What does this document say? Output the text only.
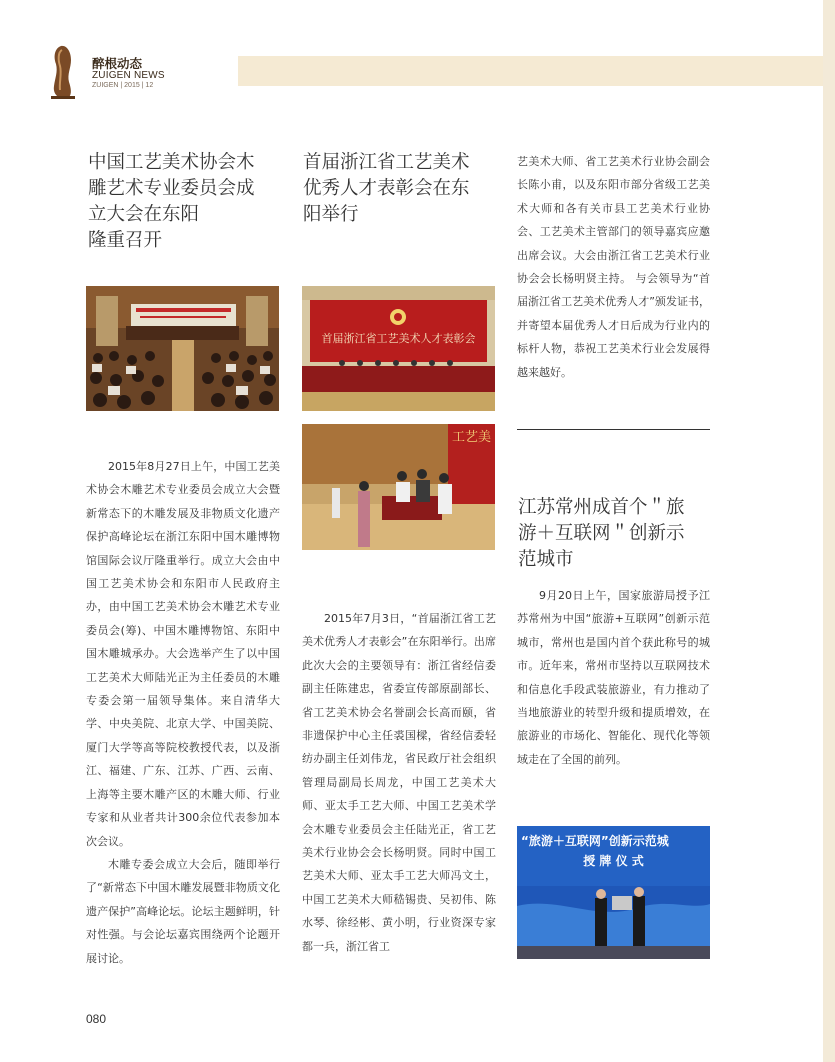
醉根动态
ZUIGEN NEWS
ZUIGEN | 2015 | 12
中国工艺美术协会木
雕艺术专业委员会成
立大会在东阳
隆重召开

2015年8月27日上午，中国工艺美术协会木雕艺术专业委员会成立大会暨新常态下的木雕发展及非物质文化遗产保护高峰论坛在浙江东阳中国木雕博物馆国际会议厅隆重举行。成立大会由中国工艺美术协会和东阳市人民政府主办，由中国工艺美术协会木雕艺术专业委员会(筹)、中国木雕博物馆、东阳中国木雕城承办。大会选举产生了以中国工艺美术大师陆光正为主任委员的木雕专委会第一届领导集体。来自清华大学、中央美院、北京大学、中国美院、厦门大学等高等院校教授代表，以及浙江、福建、广东、江苏、广西、云南、上海等主要木雕产区的木雕大师、行业专家和从业者共计300余位代表参加本次会议。

木雕专委会成立大会后，随即举行了“新常态下中国木雕发展暨非物质文化遗产保护”高峰论坛。论坛主题鲜明，针对性强。与会论坛嘉宾围绕两个论题开展讨论。

首届浙江省工艺美术
优秀人才表彰会在东
阳举行
首届浙江省工艺美术人才表彰会
工艺美

2015年7月3日，“首届浙江省工艺美术优秀人才表彰会”在东阳举行。出席此次大会的主要领导有：浙江省经信委副主任陈建忠，省委宣传部原副部长、省工艺美术协会名誉副会长高而颐，省非遗保护中心主任裘国樑，省经信委轻纺办副主任刘伟龙，省民政厅社会组织管理局副局长周龙，中国工艺美术大师、亚太手工艺大师、中国工艺美术学会木雕专业委员会主任陆光正，省工艺美术行业协会会长杨明贤。同时中国工艺美术大师、亚太手工艺大师冯文土，中国工艺美术大师嵇锡贵、吴初伟、陈水琴、徐经彬、黄小明，行业资深专家都一兵，浙江省工

艺美术大师、省工艺美术行业协会副会长陈小甫，以及东阳市部分省级工艺美术大师和各有关市县工艺美术行业协会、工艺美术主管部门的领导嘉宾应邀出席会议。大会由浙江省工艺美术行业协会会长杨明贤主持。 与会领导为“首届浙江省工艺美术优秀人才”颁发证书，并寄望本届优秀人才日后成为行业内的标杆人物，恭祝工艺美术行业会发展得越来越好。

江苏常州成首个＂旅
游＋互联网＂创新示
范城市

9月20日上午，国家旅游局授予江苏常州为中国“旅游+互联网”创新示范城市，常州也是国内首个获此称号的城市。近年来，常州市坚持以互联网技术和信息化手段武装旅游业，有力推动了当地旅游业的转型升级和提质增效，在旅游业的市场化、智能化、现代化等领域走在了全国的前列。

“旅游＋互联网”创新示范城
授 牌 仪 式
080
